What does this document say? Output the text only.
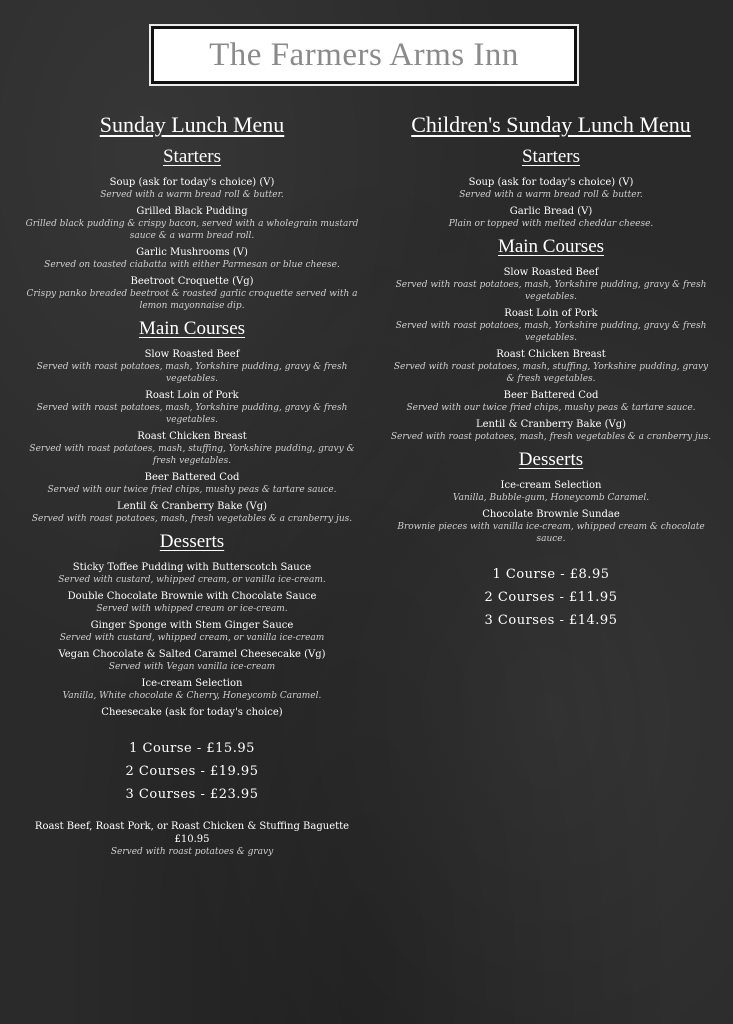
The Farmers Arms Inn
Sunday Lunch Menu
Starters
Soup (ask for today's choice) (V)
Served with a warm bread roll & butter.
Grilled Black Pudding
Grilled black pudding & crispy bacon, served with a wholegrain mustard sauce & a warm bread roll.
Garlic Mushrooms (V)
Served on toasted ciabatta with either Parmesan or blue cheese.
Beetroot Croquette (Vg)
Crispy panko breaded beetroot & roasted garlic croquette served with a lemon mayonnaise dip.
Main Courses
Slow Roasted Beef
Served with roast potatoes, mash, Yorkshire pudding, gravy & fresh vegetables.
Roast Loin of Pork
Served with roast potatoes, mash, Yorkshire pudding, gravy & fresh vegetables.
Roast Chicken Breast
Served with roast potatoes, mash, stuffing, Yorkshire pudding, gravy & fresh vegetables.
Beer Battered Cod
Served with our twice fried chips, mushy peas & tartare sauce.
Lentil & Cranberry Bake (Vg)
Served with roast potatoes, mash, fresh vegetables & a cranberry jus.
Desserts
Sticky Toffee Pudding with Butterscotch Sauce
Served with custard, whipped cream, or vanilla ice-cream.
Double Chocolate Brownie with Chocolate Sauce
Served with whipped cream or ice-cream.
Ginger Sponge with Stem Ginger Sauce
Served with custard, whipped cream, or vanilla ice-cream
Vegan Chocolate & Salted Caramel Cheesecake (Vg)
Served with Vegan vanilla ice-cream
Ice-cream Selection
Vanilla, White chocolate & Cherry, Honeycomb Caramel.
Cheesecake (ask for today's choice)
1 Course - £15.95
2 Courses - £19.95
3 Courses - £23.95
Roast Beef, Roast Pork, or Roast Chicken & Stuffing Baguette
£10.95
Served with roast potatoes & gravy
Children's Sunday Lunch Menu
Starters
Soup (ask for today's choice) (V)
Served with a warm bread roll & butter.
Garlic Bread (V)
Plain or topped with melted cheddar cheese.
Main Courses
Slow Roasted Beef
Served with roast potatoes, mash, Yorkshire pudding, gravy & fresh vegetables.
Roast Loin of Pork
Served with roast potatoes, mash, Yorkshire pudding, gravy & fresh vegetables.
Roast Chicken Breast
Served with roast potatoes, mash, stuffing, Yorkshire pudding, gravy & fresh vegetables.
Beer Battered Cod
Served with our twice fried chips, mushy peas & tartare sauce.
Lentil & Cranberry Bake (Vg)
Served with roast potatoes, mash, fresh vegetables & a cranberry jus.
Desserts
Ice-cream Selection
Vanilla, Bubble-gum, Honeycomb Caramel.
Chocolate Brownie Sundae
Brownie pieces with vanilla ice-cream, whipped cream & chocolate sauce.
1 Course - £8.95
2 Courses - £11.95
3 Courses - £14.95
